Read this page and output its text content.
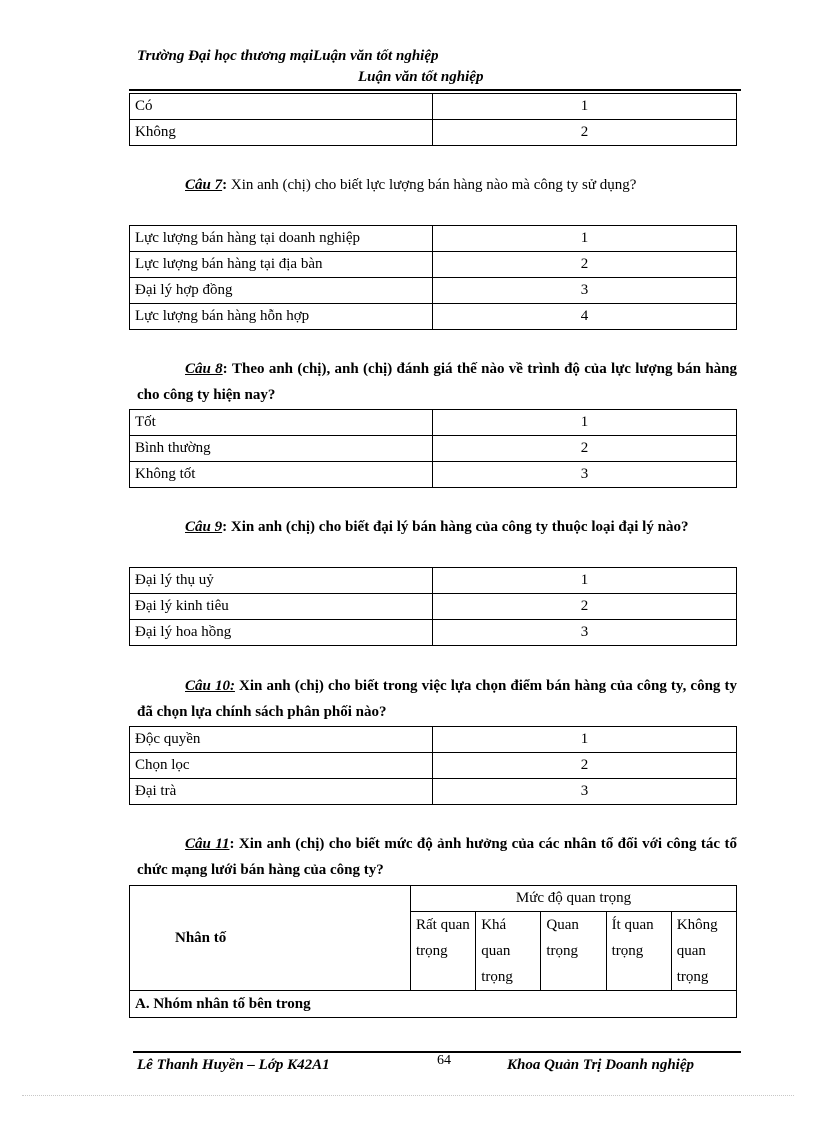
Trường Đại học thương mạiLuận văn tốt nghiệp
Luận văn tốt nghiệp
Có	1
Không	2
Câu 7: Xin anh (chị) cho biết lực lượng bán hàng nào mà công ty sử dụng?
Lực lượng bán hàng tại doanh nghiệp	1
Lực lượng bán hàng tại địa bàn	2
Đại lý hợp đồng	3
Lực lượng bán hàng hỗn hợp	4
Câu 8: Theo anh (chị), anh (chị) đánh giá thế nào về trình độ của lực lượng bán hàng cho công ty hiện nay?
Tốt	1
Bình thường	2
Không tốt	3
Câu 9: Xin anh (chị) cho biết đại lý bán hàng của công ty thuộc loại đại lý nào?
Đại lý thụ uỷ	1
Đại lý kinh tiêu	2
Đại lý hoa hồng	3
Câu 10: Xin anh (chị) cho biết trong việc lựa chọn điểm bán hàng của công ty, công ty đã chọn lựa chính sách phân phối nào?
Độc quyền	1
Chọn lọc	2
Đại trà	3
Câu 11: Xin anh (chị) cho biết mức độ ảnh hưởng của các nhân tố đối với công tác tổ chức mạng lưới bán hàng của công ty?
Nhân tố	Mức độ quan trọng				
	Rất quan trọng	Khá quan trọng	Quan trọng	Ít quan trọng	Không quan trọng
A. Nhóm nhân tố bên trong					
Lê Thanh Huyền – Lớp K42A1	64	Khoa Quản Trị Doanh nghiệp
